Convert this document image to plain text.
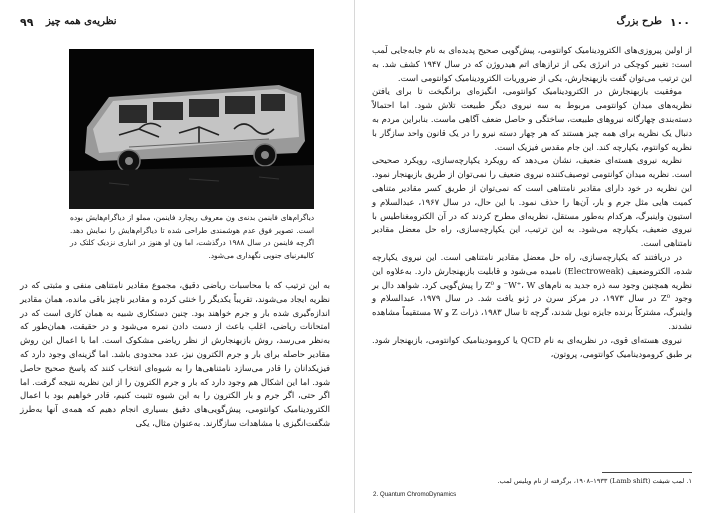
۹۹ نظریه‌ی همه چیز

دیاگرام‌های فاینمن بدنه‌ی ون معروف ریچارد فاینمن، مملو از دیاگرام‌هایش بوده است. تصویر فوق عدم هوشمندی طراحی شده تا دیاگرام‌هایش را نمایش دهد. اگرچه فاینمن در سال ۱۹۸۸ درگذشت، اما ون او هنوز در انباری نزدیک کلتک در کالیفرنیای جنوبی نگهداری می‌شود.

به این ترتیب که با محاسبات ریاضی دقیق، مجموع مقادیر نامتناهی منفی و مثبتی که در نظریه ایجاد می‌شوند، تقریباً یکدیگر را خنثی کرده و مقادیر ناچیز باقی مانده، همان مقادیر اندازه‌گیری شده بار و جرم خواهند بود. چنین دستکاری شبیه به همان کاری است که در امتحانات ریاضی، اغلب باعث از دست دادن نمره می‌شود و در حقیقت، همان‌طور که به‌نظر می‌رسد، روش بازبهنجارش از نظر ریاضی مشکوک است. اما با اعمال این روش مقادیر حاصله برای بار و جرم الکترون نیز، عدد محدودی باشد. اما گزینه‌ای وجود دارد که فیزیکدانان را قادر می‌سازد نامتناهی‌ها را به شیوه‌ای انتخاب کنند که پاسخ صحیح حاصل شود. اما این اشکال هم وجود دارد که بار و جرم الکترون را از این نظریه نتیجه گرفت. اما اگر حتی، اگر جرم و بار الکترون را به این شیوه تثبیت کنیم، قادر خواهیم بود با اعمال الکترودینامیک کوانتومی، پیش‌گویی‌های دقیق بسیاری انجام دهیم که همه‌ی آنها به‌طرز شگفت‌انگیزی با مشاهدات سازگارند. به‌عنوان مثال، یکی

۱۰۰
طرح بزرگ

از اولین پیروزی‌های الکترودینامیک کوانتومی، پیش‌گویی صحیح پدیده‌ای به نام جابه‌جایی لَمب است: تغییر کوچکی در انرژی یکی از ترازهای اتم هیدروژن که در سال ۱۹۴۷ کشف شد. به این ترتیب می‌توان گفت بازبهنجارش، یکی از ضروریات الکترودینامیک کوانتومی است.

موفقیت بازبهنجارش در الکترودینامیک کوانتومی، انگیزه‌ای برانگیخت تا برای یافتن نظریه‌های میدان کوانتومی مربوط به سه نیروی دیگر طبیعت تلاش شود. اما احتمالاً دسته‌بندی چهارگانه نیروهای طبیعت، ساختگی و حاصل ضعف آگاهی ماست. بنابراین مردم به دنبال یک نظریه برای همه چیز هستند که هر چهار دسته نیرو را در یک قانون واحد سازگار با نظریه کوانتوم، یکپارچه کند. این جام مقدس فیزیک است.

نظریه نیروی هسته‌ای ضعیف، نشان می‌دهد که رویکرد یکپارچه‌سازی، رویکرد صحیحی است. نظریه میدان کوانتومی توصیف‌کننده نیروی ضعیف را نمی‌توان از طریق بازبهنجار نمود. این نظریه در خود دارای مقادیر نامتناهی است که نمی‌توان از طریق کسر مقادیر متناهی کمیت هایی مثل جرم و بار، آن‌ها را حذف نمود. با این حال، در سال ۱۹۶۷، عبدالسلام و استیون واینبرگ، هرکدام به‌طور مستقل، نظریه‌ای مطرح کردند که در آن الکترومغناطیس با نیروی ضعیف، یکپارچه می‌شود. به این ترتیب، این یکپارچه‌سازی، راه حل معضل مقادیر نامتناهی است.

در دریافتند که یکپارچه‌سازی، راه حل معضل مقادیر نامتناهی است. این نیروی یکپارچه شده، الکتروضعیف (Electroweak) نامیده می‌شود و قابلیت بازبهنجارش دارد. به‌علاوه این نظریه همچنین وجود سه ذره جدید به نام‌های W⁺، W⁻ و Z⁰ را پیش‌گویی کرد. شواهد دال بر وجود Z⁰ در سال ۱۹۷۳، در مرکز سرن در ژنو یافت شد. در سال ۱۹۷۹، عبدالسلام و واینبرگ، مشترکاً برنده جایزه نوبل شدند، گرچه تا سال ۱۹۸۳، ذرات Z و W مستقیماً مشاهده نشدند.

نیروی هسته‌ای قوی، در نظریه‌ای به نام QCD یا کرومودینامیک کوانتومی، بازبهنجار شود. بر طبق کرومودینامیک کوانتومی، پروتون،

۱. لمب شیفت (Lamb shift) ۱۹۰۸–۱۹۳۳، برگرفته از نام ویلیس لمب.
2. Quantum ChromoDynamics
